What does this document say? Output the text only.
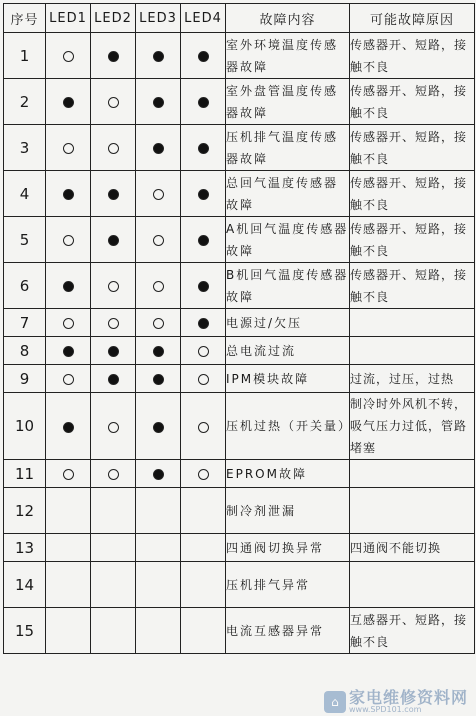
序号	LED1	LED2	LED3	LED4	故障内容	可能故障原因
1					室外环境温度传感器故障	传感器开、短路，接触不良
2					室外盘管温度传感器故障	传感器开、短路，接触不良
3					压机排气温度传感器故障	传感器开、短路，接触不良
4					总回气温度传感器故障	传感器开、短路，接触不良
5					A机回气温度传感器故障	传感器开、短路，接触不良
6					B机回气温度传感器故障	传感器开、短路，接触不良
7					电源过/欠压	
8					总电流过流	
9					IPM模块故障	过流，过压，过热
10					压机过热（开关量）	制冷时外风机不转，吸气压力过低，管路堵塞
11					EPROM故障	
12					制冷剂泄漏	
13					四通阀切换异常	四通阀不能切换
14					压机排气异常	
15					电流互感器异常	互感器开、短路，接触不良
⌂ 家电维修资料网
www.SPD101.com
